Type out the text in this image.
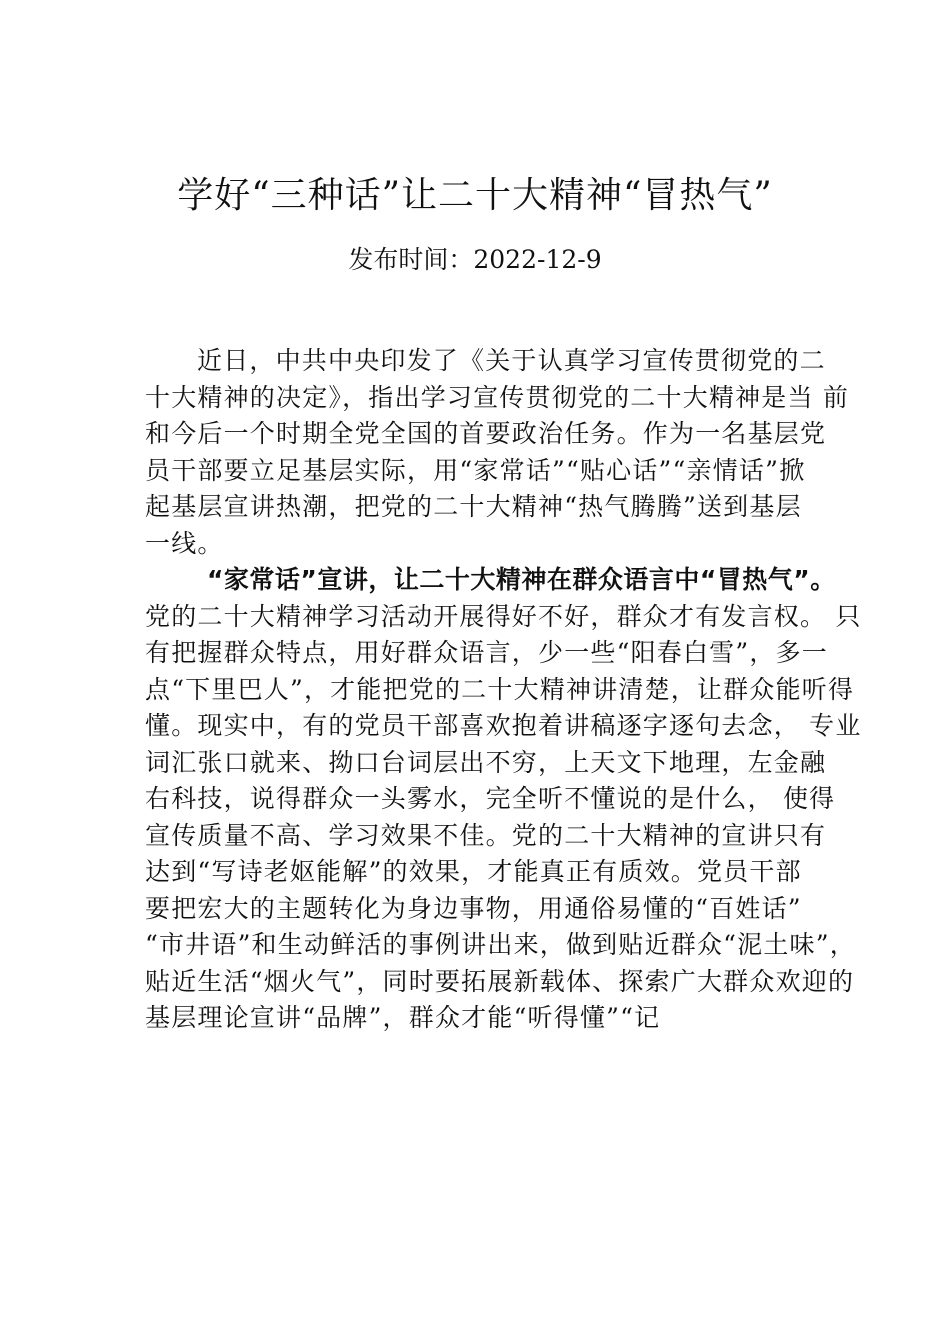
学好“三种话”让二十大精神“冒热气”
发布时间：2022-12-9
近日，中共中央印发了《关于认真学习宣传贯彻党的二
十大精神的决定》，指出学习宣传贯彻党的二十大精神是当 前
和今后一个时期全党全国的首要政治任务。作为一名基层党
员干部要立足基层实际，用“家常话”“贴心话”“亲情话”掀
起基层宣讲热潮，把党的二十大精神“热气腾腾”送到基层
一线。
“家常话”宣讲，让二十大精神在群众语言中“冒热气”。
党的二十大精神学习活动开展得好不好，群众才有发言权。 只
有把握群众特点，用好群众语言，少一些“阳春白雪”，多一
点“下里巴人”，才能把党的二十大精神讲清楚，让群众能听得
懂。现实中，有的党员干部喜欢抱着讲稿逐字逐句去念， 专业
词汇张口就来、拗口台词层出不穷，上天文下地理，左金融
右科技，说得群众一头雾水，完全听不懂说的是什么， 使得
宣传质量不高、学习效果不佳。党的二十大精神的宣讲只有
达到“写诗老妪能解”的效果，才能真正有质效。党员干部
要把宏大的主题转化为身边事物，用通俗易懂的“百姓话”
“市井语”和生动鲜活的事例讲出来，做到贴近群众“泥土味”，
贴近生活“烟火气”，同时要拓展新载体、探索广大群众欢迎的
基层理论宣讲“品牌”，群众才能“听得懂”“记
